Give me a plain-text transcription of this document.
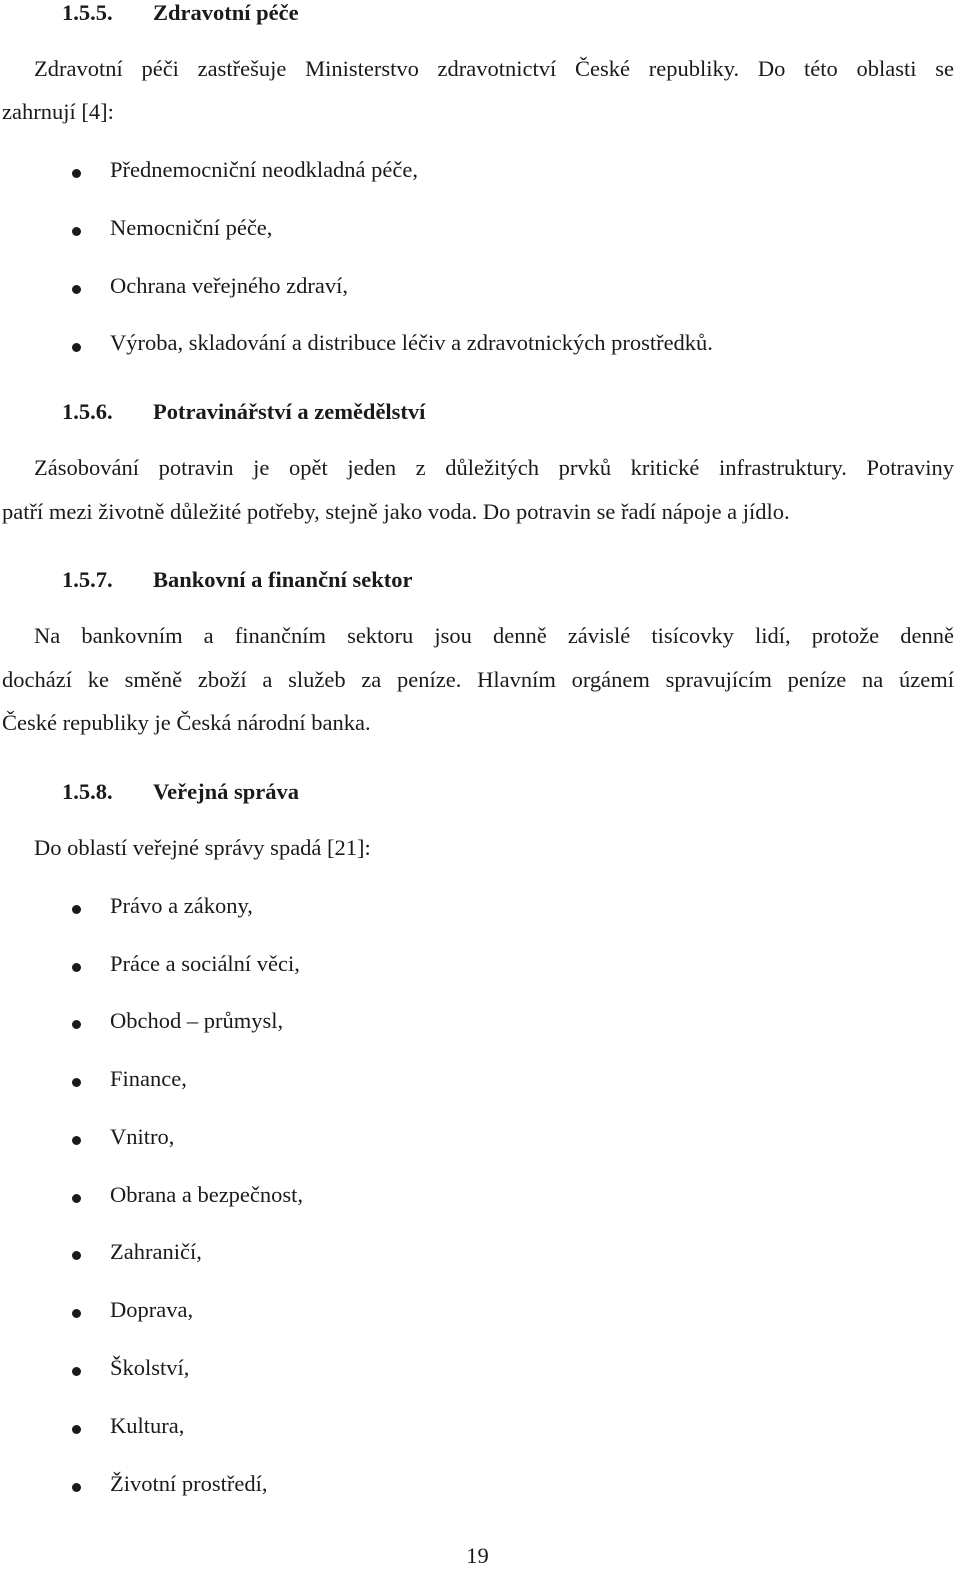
1.5.5. Zdravotní péče
Zdravotní péči zastřešuje Ministerstvo zdravotnictví České republiky. Do této oblasti se
zahrnují [4]:
Přednemocniční neodkladná péče,
Nemocniční péče,
Ochrana veřejného zdraví,
Výroba, skladování a distribuce léčiv a zdravotnických prostředků.
1.5.6. Potravinářství a zemědělství
Zásobování potravin je opět jeden z důležitých prvků kritické infrastruktury. Potraviny
patří mezi životně důležité potřeby, stejně jako voda. Do potravin se řadí nápoje a jídlo.
1.5.7. Bankovní a finanční sektor
Na bankovním a finančním sektoru jsou denně závislé tisícovky lidí, protože denně
dochází ke směně zboží a služeb za peníze. Hlavním orgánem spravujícím peníze na území
České republiky je Česká národní banka.
1.5.8. Veřejná správa
Do oblastí veřejné správy spadá [21]:
Právo a zákony,
Práce a sociální věci,
Obchod – průmysl,
Finance,
Vnitro,
Obrana a bezpečnost,
Zahraničí,
Doprava,
Školství,
Kultura,
Životní prostředí,
19
